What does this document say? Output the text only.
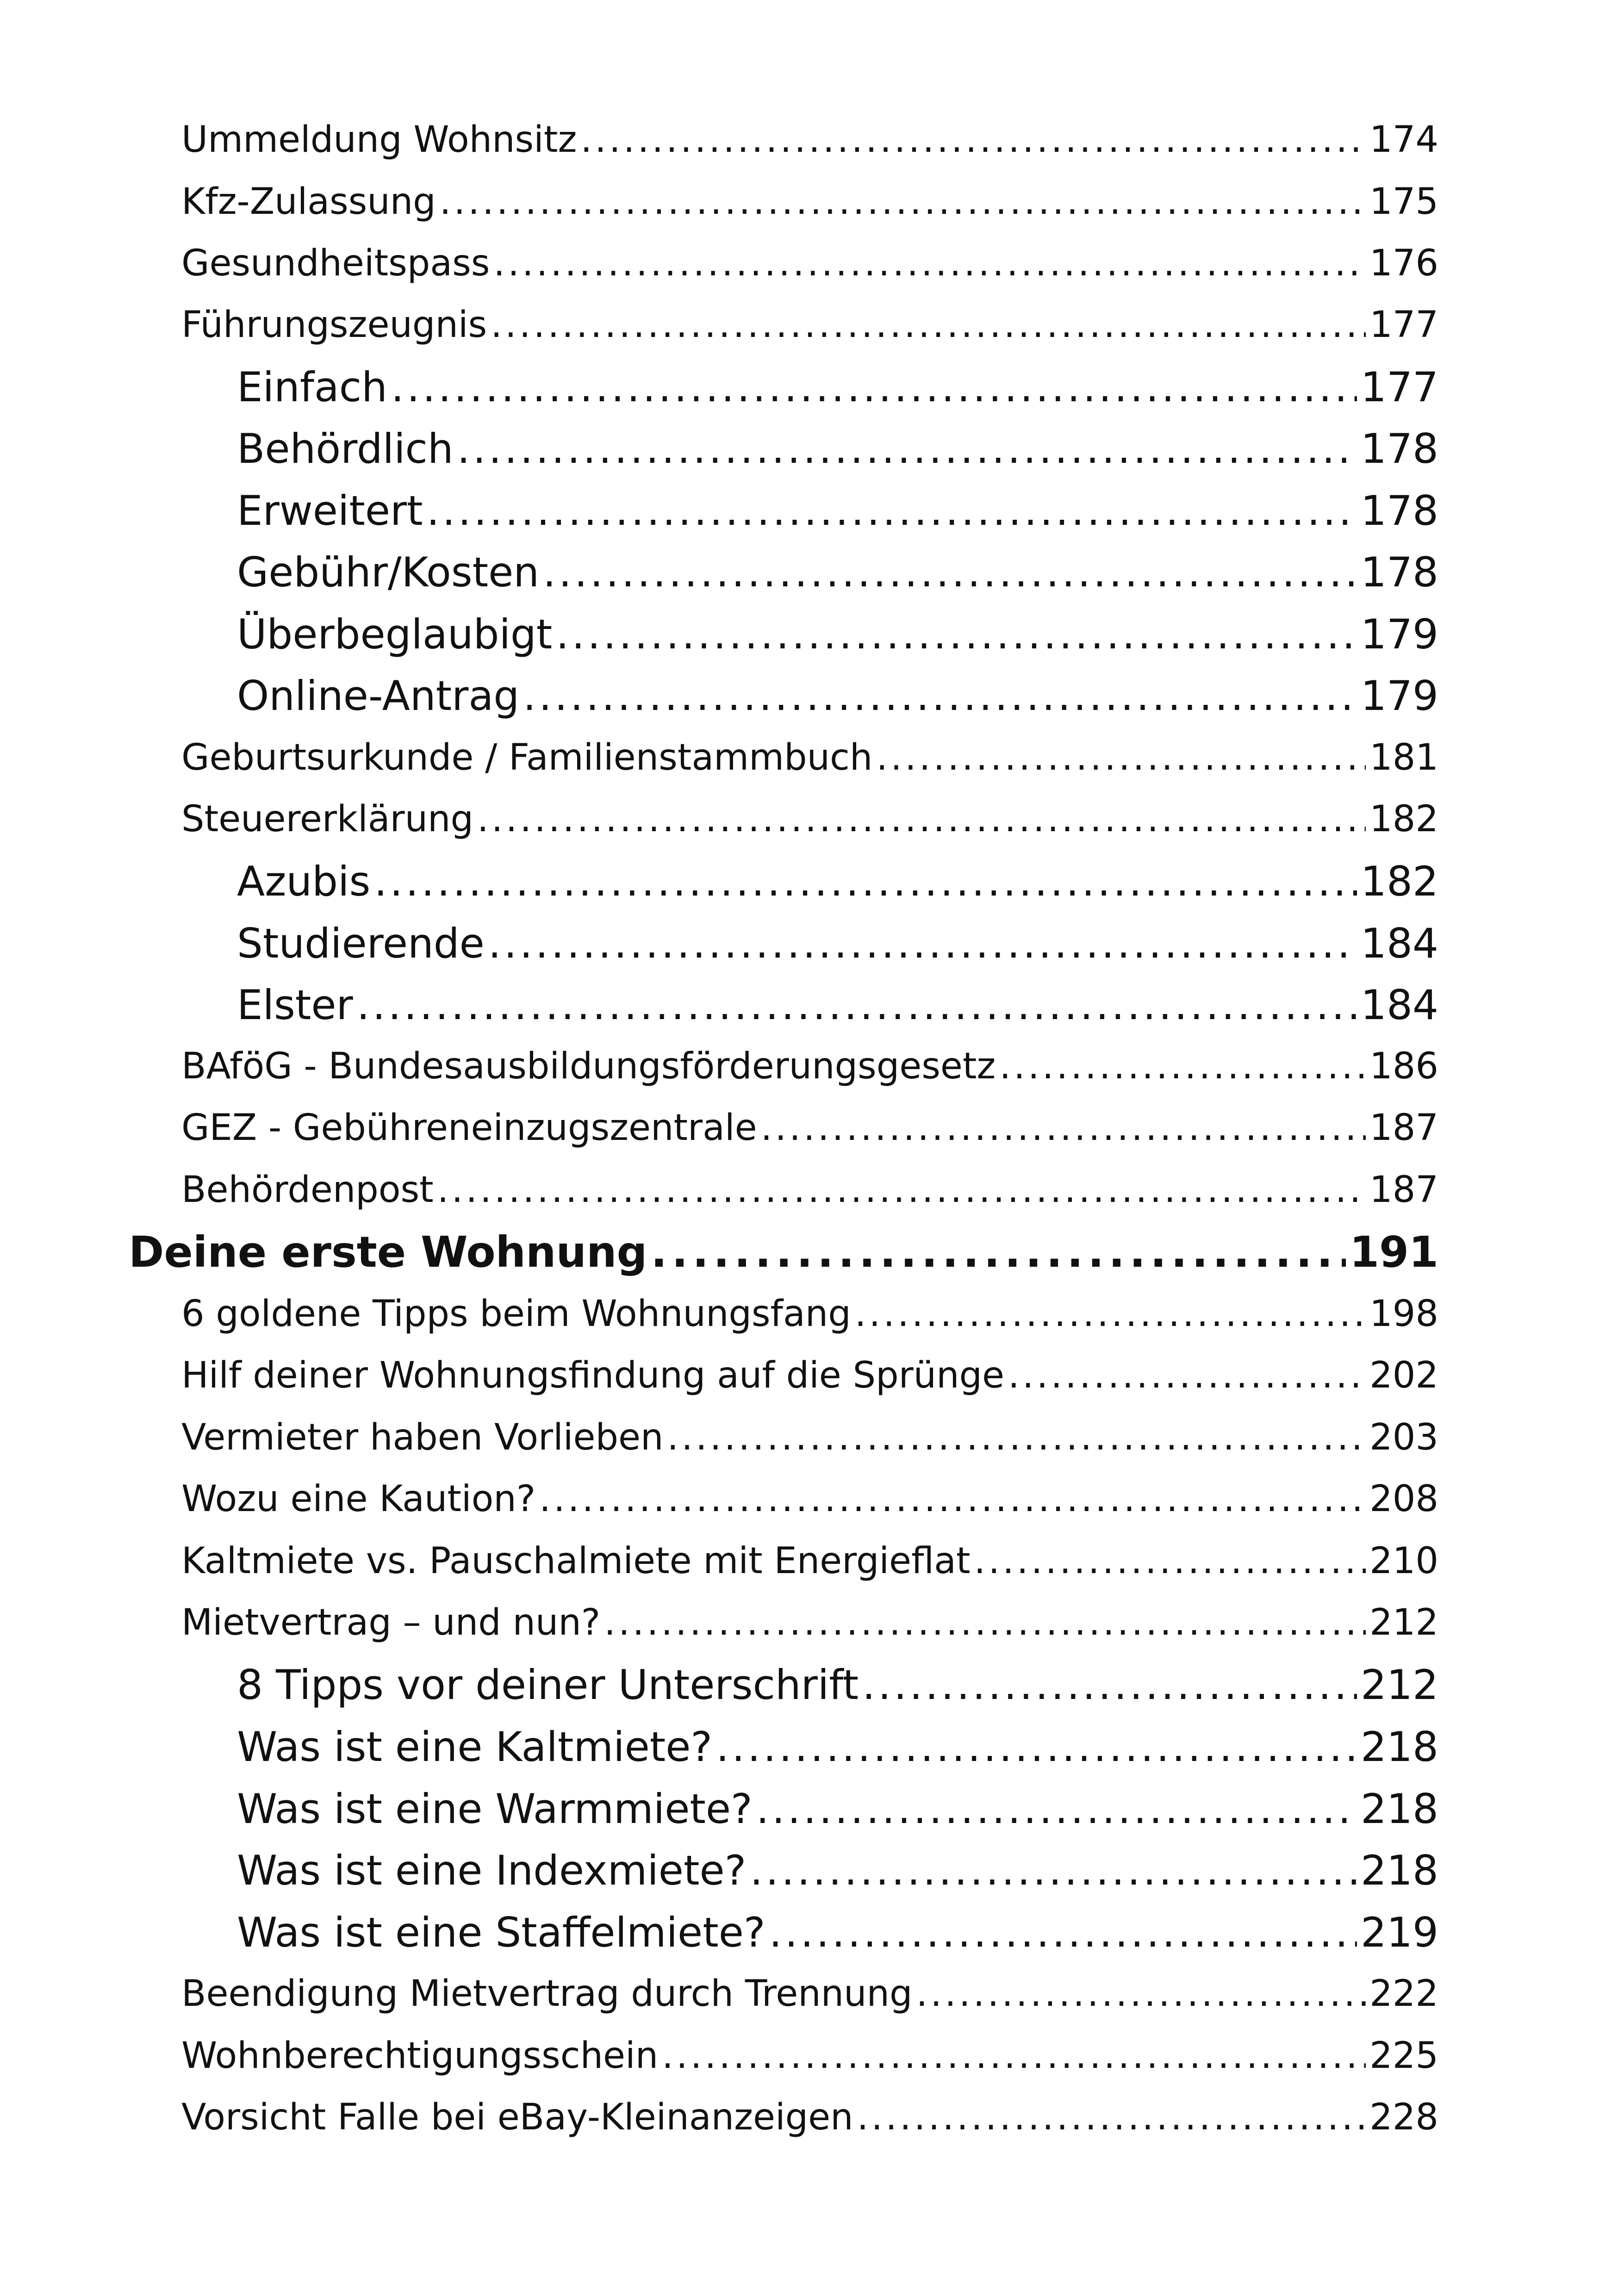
Ummeldung Wohnsitz .....	174
Kfz-Zulassung .....	175
Gesundheitspass .....	176
Führungszeugnis .....	177
Einfach .....	177
Behördlich .....	178
Erweitert .....	178
Gebühr/Kosten .....	178
Überbeglaubigt .....	179
Online-Antrag .....	179
Geburtsurkunde / Familienstammbuch .....	181
Steuererklärung .....	182
Azubis .....	182
Studierende .....	184
Elster .....	184
BAföG - Bundesausbildungsförderungsgesetz .....	186
GEZ - Gebühreneinzugszentrale .....	187
Behördenpost .....	187
Deine erste Wohnung .....	191
6 goldene Tipps beim Wohnungsfang .....	198
Hilf deiner Wohnungsfindung auf die Sprünge .....	202
Vermieter haben Vorlieben .....	203
Wozu eine Kaution? .....	208
Kaltmiete vs. Pauschalmiete mit Energieflat .....	210
Mietvertrag – und nun? .....	212
8 Tipps vor deiner Unterschrift .....	212
Was ist eine Kaltmiete? .....	218
Was ist eine Warmmiete? .....	218
Was ist eine Indexmiete? .....	218
Was ist eine Staffelmiete? .....	219
Beendigung Mietvertrag durch Trennung .....	222
Wohnberechtigungsschein .....	225
Vorsicht Falle bei eBay-Kleinanzeigen .....	228
